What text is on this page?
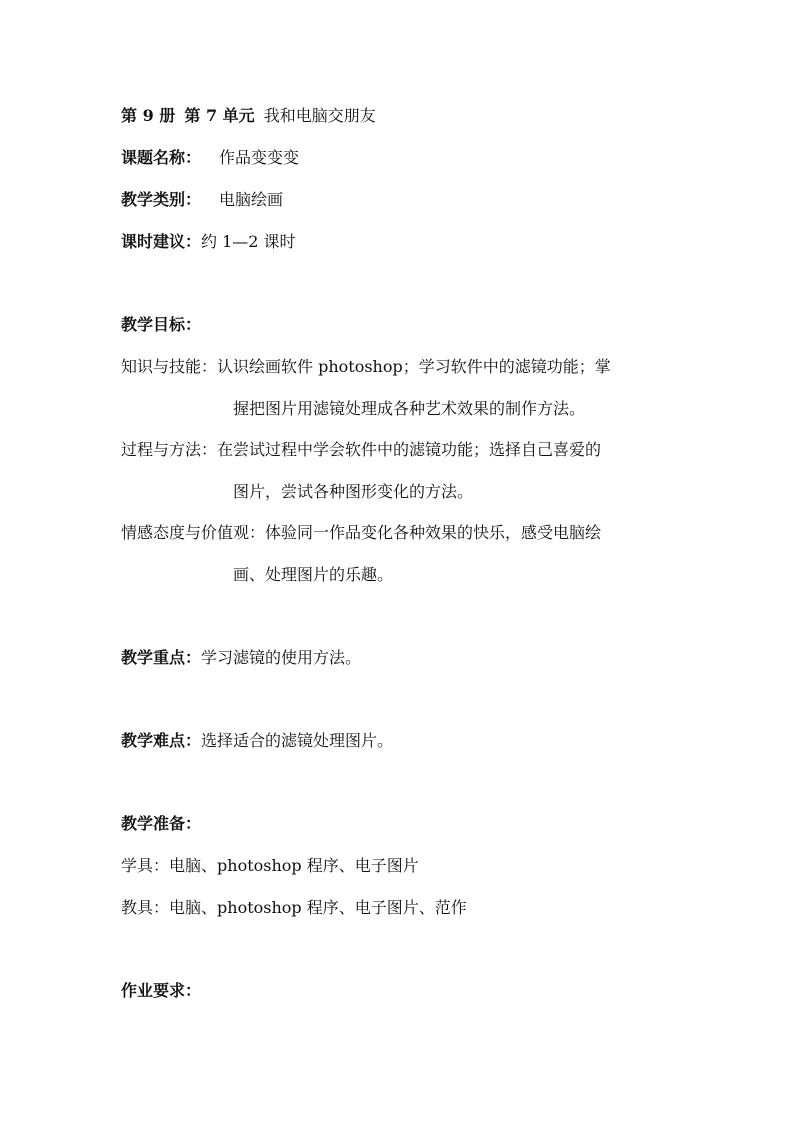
第 9 册 第 7 单元 我和电脑交朋友
课题名称： 作品变变变
教学类别： 电脑绘画
课时建议：约 1—2 课时
教学目标：
知识与技能：认识绘画软件 photoshop；学习软件中的滤镜功能；掌
握把图片用滤镜处理成各种艺术效果的制作方法。
过程与方法：在尝试过程中学会软件中的滤镜功能；选择自己喜爱的
图片，尝试各种图形变化的方法。
情感态度与价值观：体验同一作品变化各种效果的快乐，感受电脑绘
画、处理图片的乐趣。
教学重点：学习滤镜的使用方法。
教学难点：选择适合的滤镜处理图片。
教学准备：
学具：电脑、photoshop 程序、电子图片
教具：电脑、photoshop 程序、电子图片、范作
作业要求：
